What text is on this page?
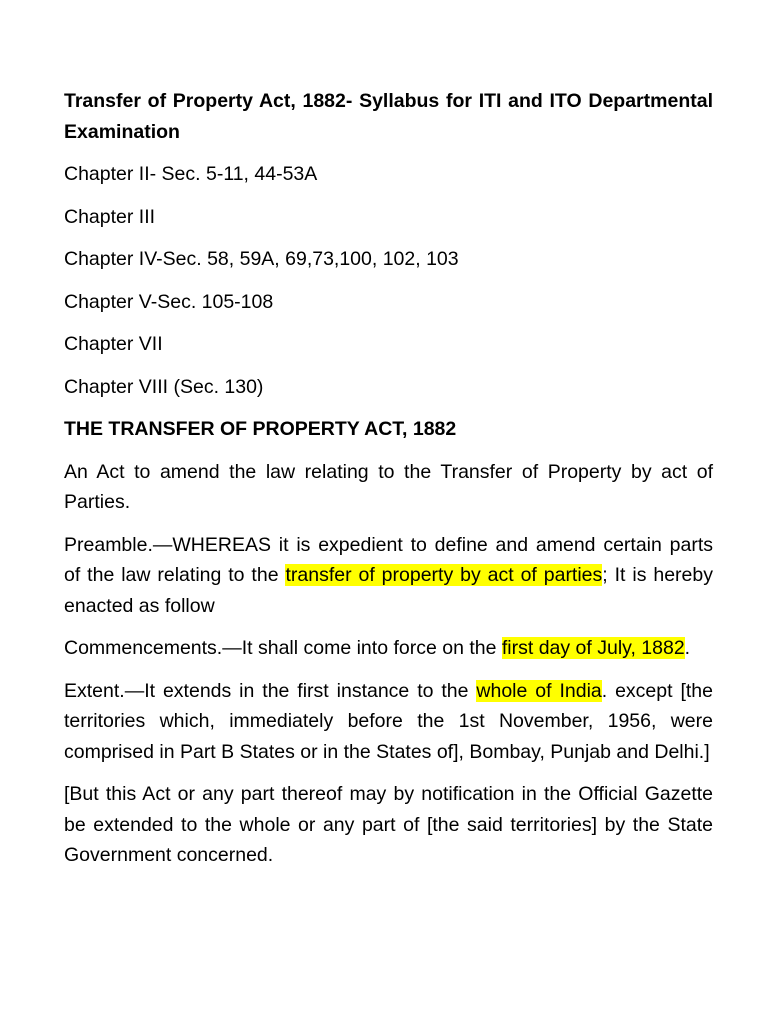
Transfer of Property Act, 1882- Syllabus for ITI and ITO Departmental Examination

Chapter II- Sec. 5-11, 44-53A

Chapter III

Chapter IV-Sec. 58, 59A, 69,73,100, 102, 103

Chapter V-Sec. 105-108

Chapter VII

Chapter VIII (Sec. 130)

THE TRANSFER OF PROPERTY ACT, 1882

An Act to amend the law relating to the Transfer of Property by act of Parties.

Preamble.—WHEREAS it is expedient to define and amend certain parts of the law relating to the transfer of property by act of parties; It is hereby enacted as follow

Commencements.—It shall come into force on the first day of July, 1882.

Extent.—It extends in the first instance to the whole of India. except [the territories which, immediately before the 1st November, 1956, were comprised in Part B States or in the States of], Bombay, Punjab and Delhi.]

[But this Act or any part thereof may by notification in the Official Gazette be extended to the whole or any part of [the said territories] by the State Government concerned.
